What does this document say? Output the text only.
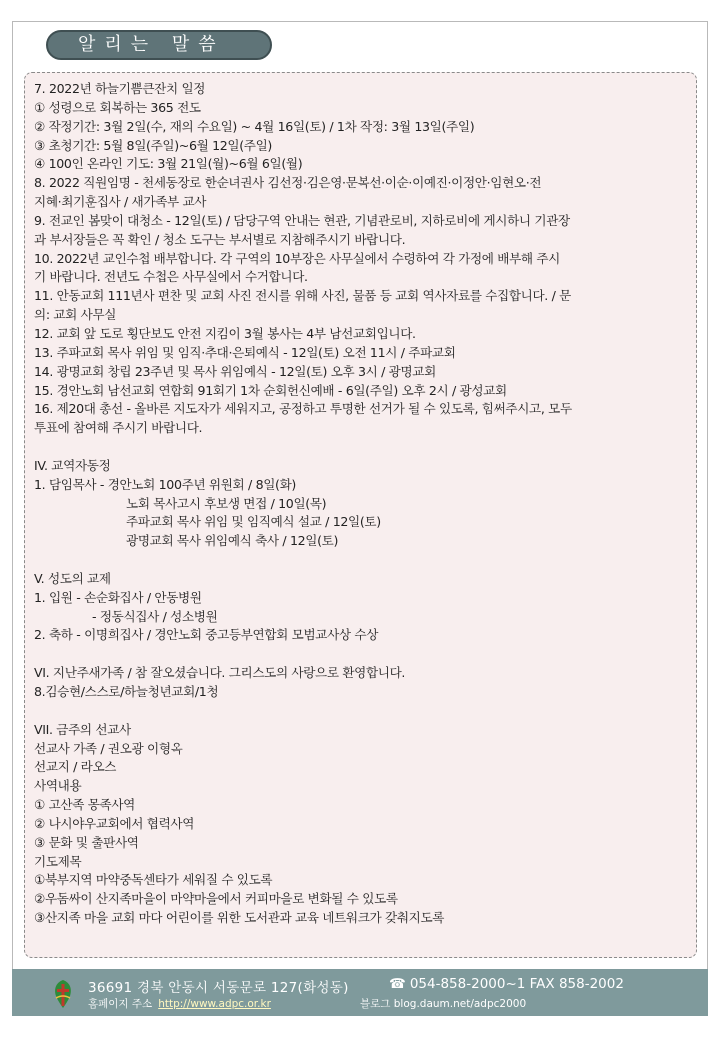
알리는 말씀
7. 2022년 하늘기쁨큰잔치 일정
① 성령으로 회복하는 365 전도
② 작정기간: 3월 2일(수, 재의 수요일) ~ 4월 16일(토) / 1차 작정: 3월 13일(주일)
③ 초청기간: 5월 8일(주일)~6월 12일(주일)
④ 100인 온라인 기도: 3월 21일(월)~6월 6일(월)
8. 2022 직원임명 - 천세동장로 한순녀권사 김선정·김은영·문복선·이순·이예진·이정안·임현오·전
지혜·최기훈집사 / 새가족부 교사
9. 전교인 봄맞이 대청소 - 12일(토) / 담당구역 안내는 현관, 기념관로비, 지하로비에 게시하니 기관장
과 부서장들은 꼭 확인 / 청소 도구는 부서별로 지참해주시기 바랍니다.
10. 2022년 교인수첩 배부합니다. 각 구역의 10부장은 사무실에서 수령하여 각 가정에 배부해 주시
기 바랍니다. 전년도 수첩은 사무실에서 수거합니다.
11. 안동교회 111년사 편찬 및 교회 사진 전시를 위해 사진, 물품 등 교회 역사자료를 수집합니다. / 문
의: 교회 사무실
12. 교회 앞 도로 횡단보도 안전 지킴이 3월 봉사는 4부 남선교회입니다.
13. 주파교회 목사 위임 및 임직·추대·은퇴예식 - 12일(토) 오전 11시 / 주파교회
14. 광명교회 창립 23주년 및 목사 위임예식 - 12일(토) 오후 3시 / 광명교회
15. 경안노회 남선교회 연합회 91회기 1차 순회헌신예배 - 6일(주일) 오후 2시 / 광성교회
16. 제20대 총선 - 올바른 지도자가 세워지고, 공정하고 투명한 선거가 될 수 있도록, 힘써주시고, 모두
투표에 참여해 주시기 바랍니다.
IV. 교역자동정
1. 담임목사 - 경안노회 100주년 위원회 / 8일(화)
노회 목사고시 후보생 면접 / 10일(목)
주파교회 목사 위임 및 임직예식 설교 / 12일(토)
광명교회 목사 위임예식 축사 / 12일(토)
V. 성도의 교제
1. 입원 - 손순화집사 / 안동병원
- 정동식집사 / 성소병원
2. 축하 - 이명희집사 / 경안노회 중고등부연합회 모범교사상 수상
VI. 지난주새가족 / 참 잘오셨습니다. 그리스도의 사랑으로 환영합니다.
8.김승현/스스로/하늘청년교회/1청
VII. 금주의 선교사
선교사 가족 / 권오광 이형옥
선교지 / 라오스
사역내용
① 고산족 몽족사역
② 나시야우교회에서 협력사역
③ 문화 및 출판사역
기도제목
①북부지역 마약중독센타가 세워질 수 있도록
②우돔싸이 산지족마을이 마약마을에서 커피마을로 변화될 수 있도록
③산지족 마을 교회 마다 어린이를 위한 도서관과 교육 네트워크가 갖춰지도록
36691 경북 안동시 서동문로 127(화성동)	☎ 054-858-2000~1 FAX 858-2002
홈페이지 주소 http://www.adpc.or.kr	블로그 blog.daum.net/adpc2000
